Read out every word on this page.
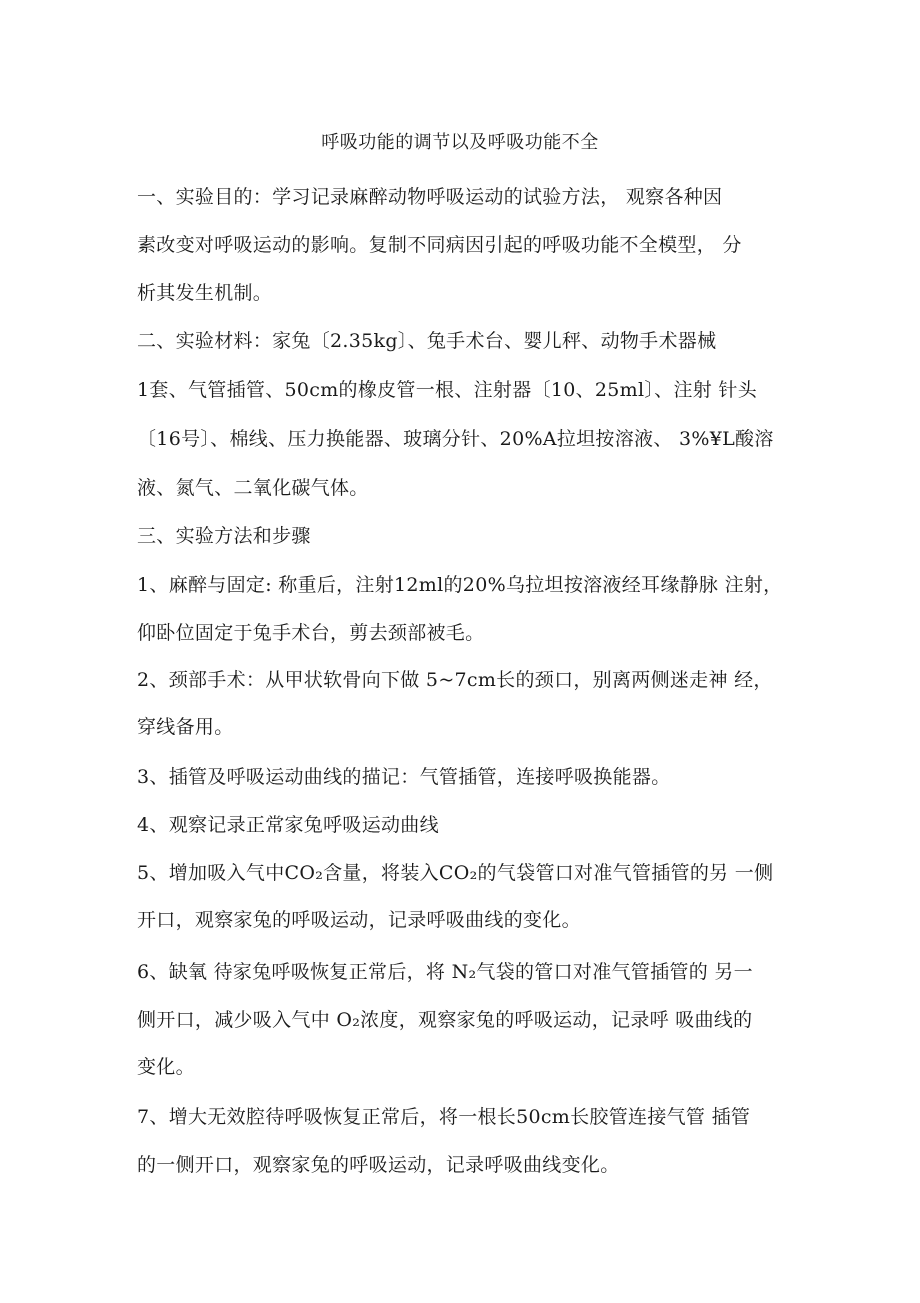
呼吸功能的调节以及呼吸功能不全
一、实验目的：学习记录麻醉动物呼吸运动的试验方法， 观察各种因
素改变对呼吸运动的影响。复制不同病因引起的呼吸功能不全模型， 分
析其发生机制。
二、实验材料：家兔〔2.35kg〕、兔手术台、婴儿秤、动物手术器械
1套、气管插管、50cm的橡皮管一根、注射器〔10、25ml〕、注射 针头
〔16号〕、棉线、压力换能器、玻璃分针、20%A拉坦按溶液、 3%¥L酸溶
液、氮气、二氧化碳气体。
三、实验方法和步骤
1、麻醉与固定: 称重后，注射12ml的20%乌拉坦按溶液经耳缘静脉 注射，
仰卧位固定于兔手术台，剪去颈部被毛。
2、颈部手术：从甲状软骨向下做 5~7cm长的颈口，别离两侧迷走神 经，
穿线备用。
3、插管及呼吸运动曲线的描记：气管插管，连接呼吸换能器。
4、观察记录正常家兔呼吸运动曲线
5、增加吸入气中CO₂含量，将装入CO₂的气袋管口对准气管插管的另 一侧
开口，观察家兔的呼吸运动，记录呼吸曲线的变化。
6、缺氧 待家兔呼吸恢复正常后，将 N₂气袋的管口对准气管插管的 另一
侧开口，减少吸入气中 O₂浓度，观察家兔的呼吸运动，记录呼 吸曲线的
变化。
7、增大无效腔待呼吸恢复正常后，将一根长50cm长胶管连接气管 插管
的一侧开口，观察家兔的呼吸运动，记录呼吸曲线变化。
